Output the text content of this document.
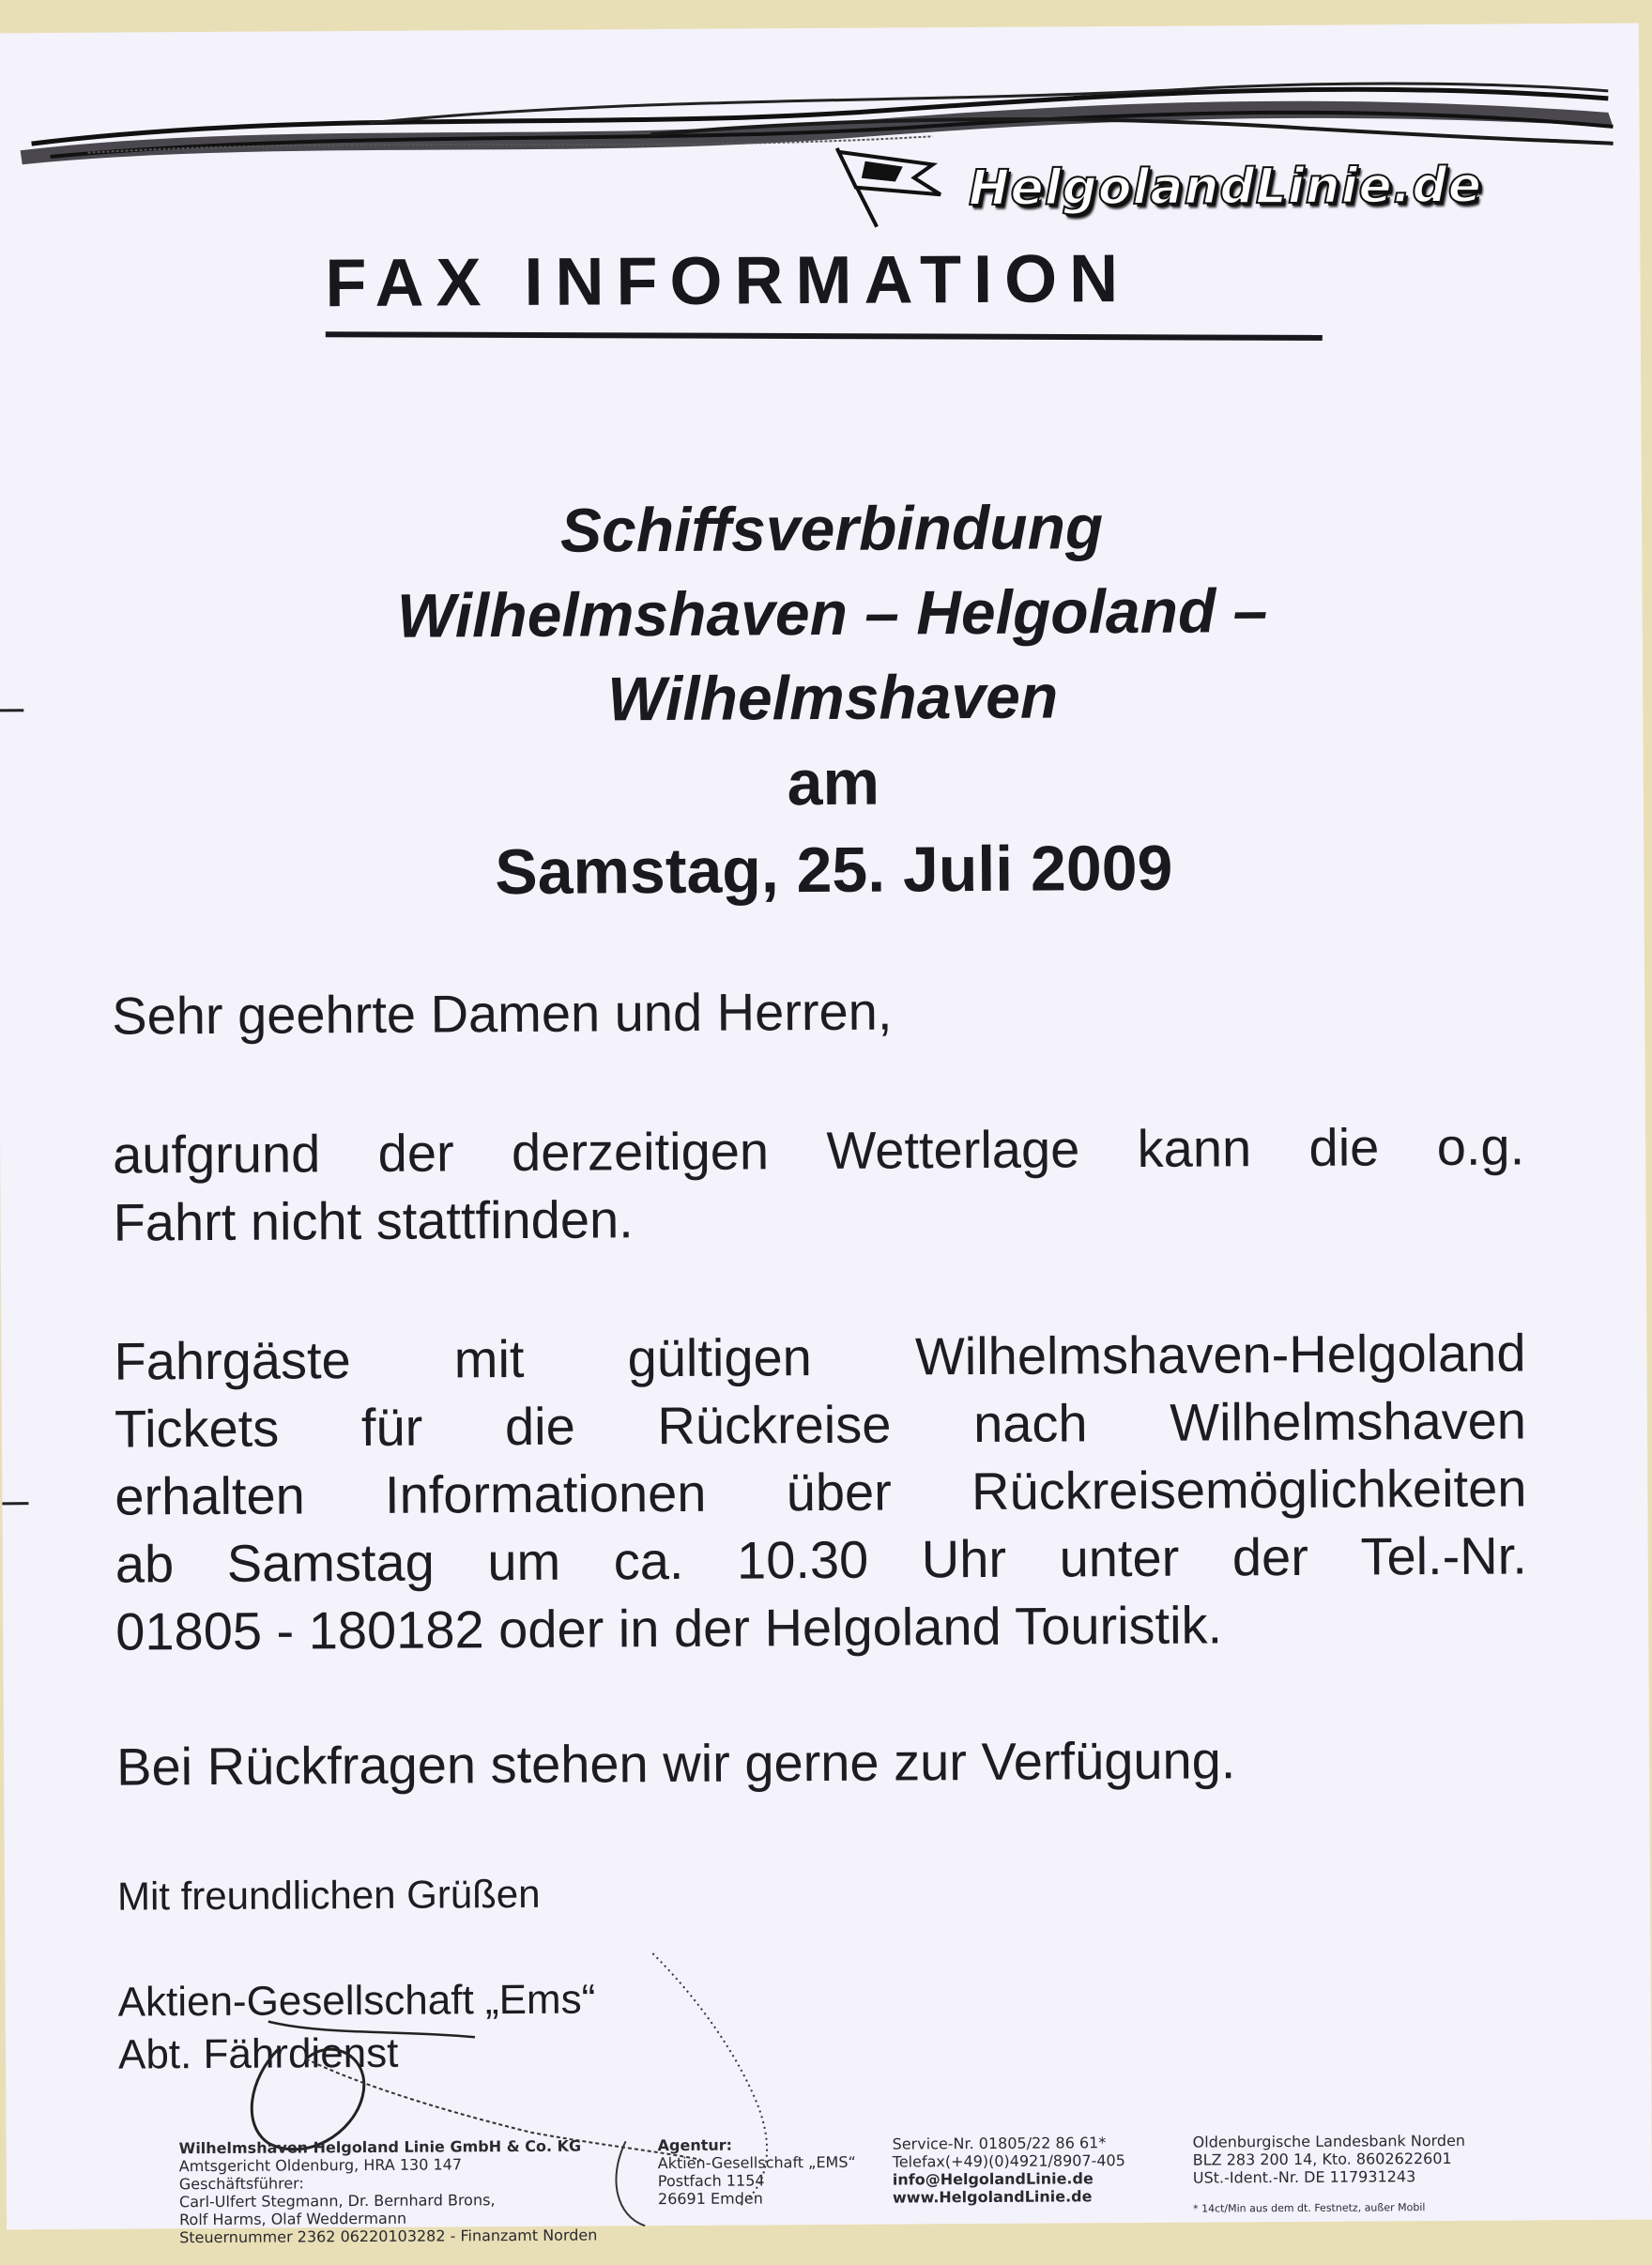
HelgolandLinie.de
FAX INFORMATION
Schiffsverbindung
Wilhelmshaven – Helgoland –
Wilhelmshaven
am
Samstag, 25. Juli 2009
Sehr geehrte Damen und Herren,
aufgrund der derzeitigen Wetterlage kann die o.g.
Fahrt nicht stattfinden.
Fahrgäste mit gültigen Wilhelmshaven-Helgoland
Tickets für die Rückreise nach Wilhelmshaven
erhalten Informationen über Rückreisemöglichkeiten
ab Samstag um ca. 10.30 Uhr unter der Tel.-Nr.
01805 - 180182 oder in der Helgoland Touristik.
Bei Rückfragen stehen wir gerne zur Verfügung.
Mit freundlichen Grüßen
Aktien-Gesellschaft „Ems“
Abt. Fährdienst
Wilhelmshaven Helgoland Linie GmbH & Co. KG
Amtsgericht Oldenburg, HRA 130 147
Geschäftsführer:
Carl-Ulfert Stegmann, Dr. Bernhard Brons,
Rolf Harms, Olaf Weddermann
Steuernummer 2362 06220103282 - Finanzamt Norden
Agentur:
Aktien-Gesellschaft „EMS“
Postfach 1154
26691 Emden
Service-Nr. 01805/22 86 61*
Telefax(+49)(0)4921/8907-405
info@HelgolandLinie.de
www.HelgolandLinie.de
Oldenburgische Landesbank Norden
BLZ 283 200 14, Kto. 8602622601
USt.-Ident.-Nr. DE 117931243
* 14ct/Min aus dem dt. Festnetz, außer Mobil
